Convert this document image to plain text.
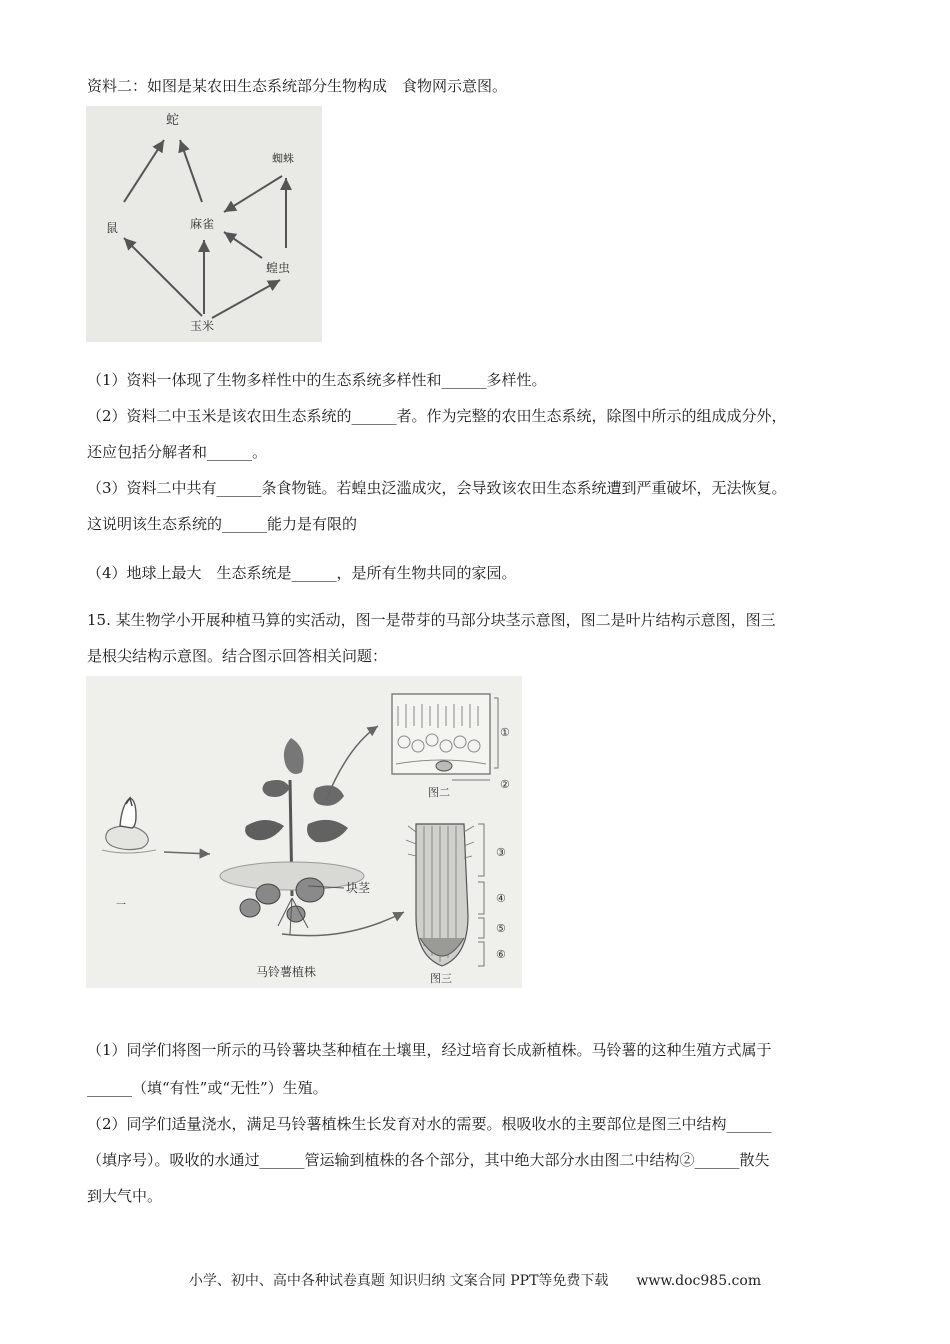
资料二：如图是某农田生态系统部分生物构成　食物网示意图。
蛇
蜘蛛
鼠	麻雀
蝗虫
玉米
（1）资料一体现了生物多样性中的生态系统多样性和______多样性。
（2）资料二中玉米是该农田生态系统的______者。作为完整的农田生态系统，除图中所示的组成成分外，
还应包括分解者和______。
（3）资料二中共有______条食物链。若蝗虫泛滥成灾，会导致该农田生态系统遭到严重破坏，无法恢复。
这说明该生态系统的______能力是有限的
（4）地球上最大　生态系统是______，是所有生物共同的家园。
15. 某生物学小开展种植马算的实活动，图一是带芽的马部分块茎示意图，图二是叶片结构示意图，图三
是根尖结构示意图。结合图示回答相关问题：
一
块茎
马铃薯植株
①
②
图二
③
④
⑤
⑥
图三
（1）同学们将图一所示的马铃薯块茎种植在土壤里，经过培育长成新植株。马铃薯的这种生殖方式属于
______（填“有性”或“无性”）生殖。
（2）同学们适量浇水，满足马铃薯植株生长发育对水的需要。根吸收水的主要部位是图三中结构______
（填序号）。吸收的水通过______管运输到植株的各个部分，其中绝大部分水由图二中结构②______散失
到大气中。
小学、初中、高中各种试卷真题 知识归纳 文案合同 PPT等免费下载　　www.doc985.com
